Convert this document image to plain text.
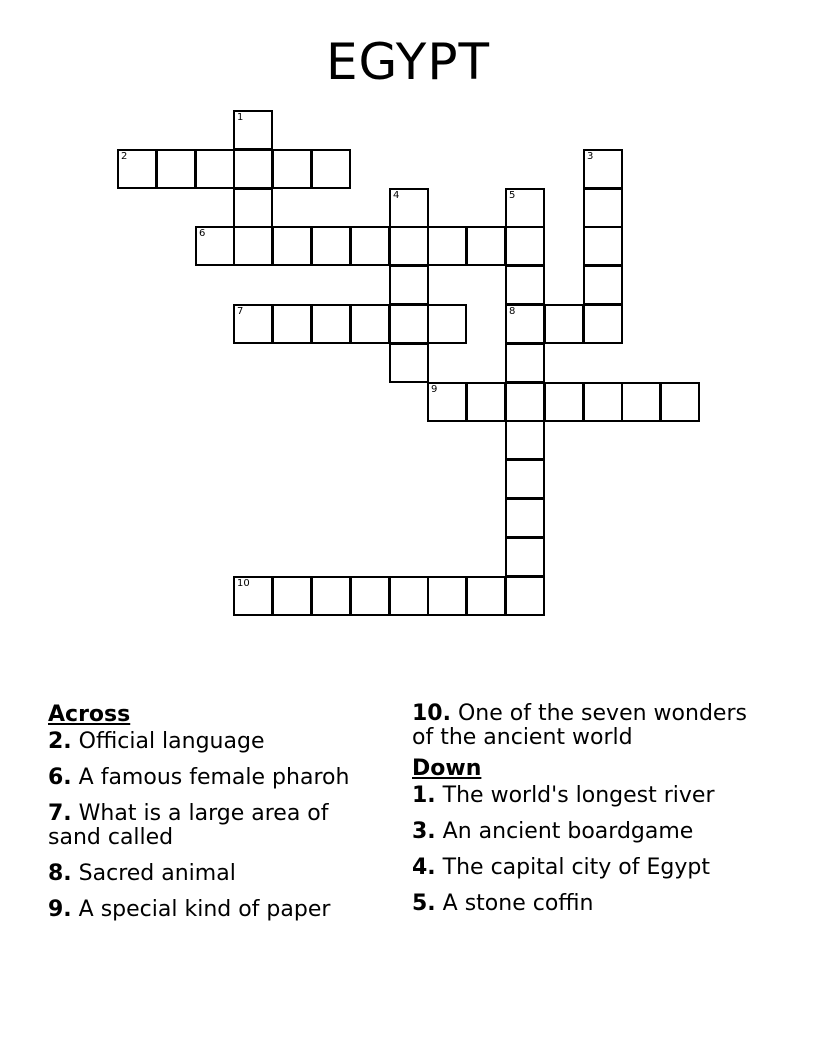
EGYPT
1
2	3
4	5
6
7	8
9
10
Across
2. Official language
6. A famous female pharoh
7. What is a large area of sand called
8. Sacred animal
9. A special kind of paper
10. One of the seven wonders of the ancient world
Down
1. The world's longest river
3. An ancient boardgame
4. The capital city of Egypt
5. A stone coffin
